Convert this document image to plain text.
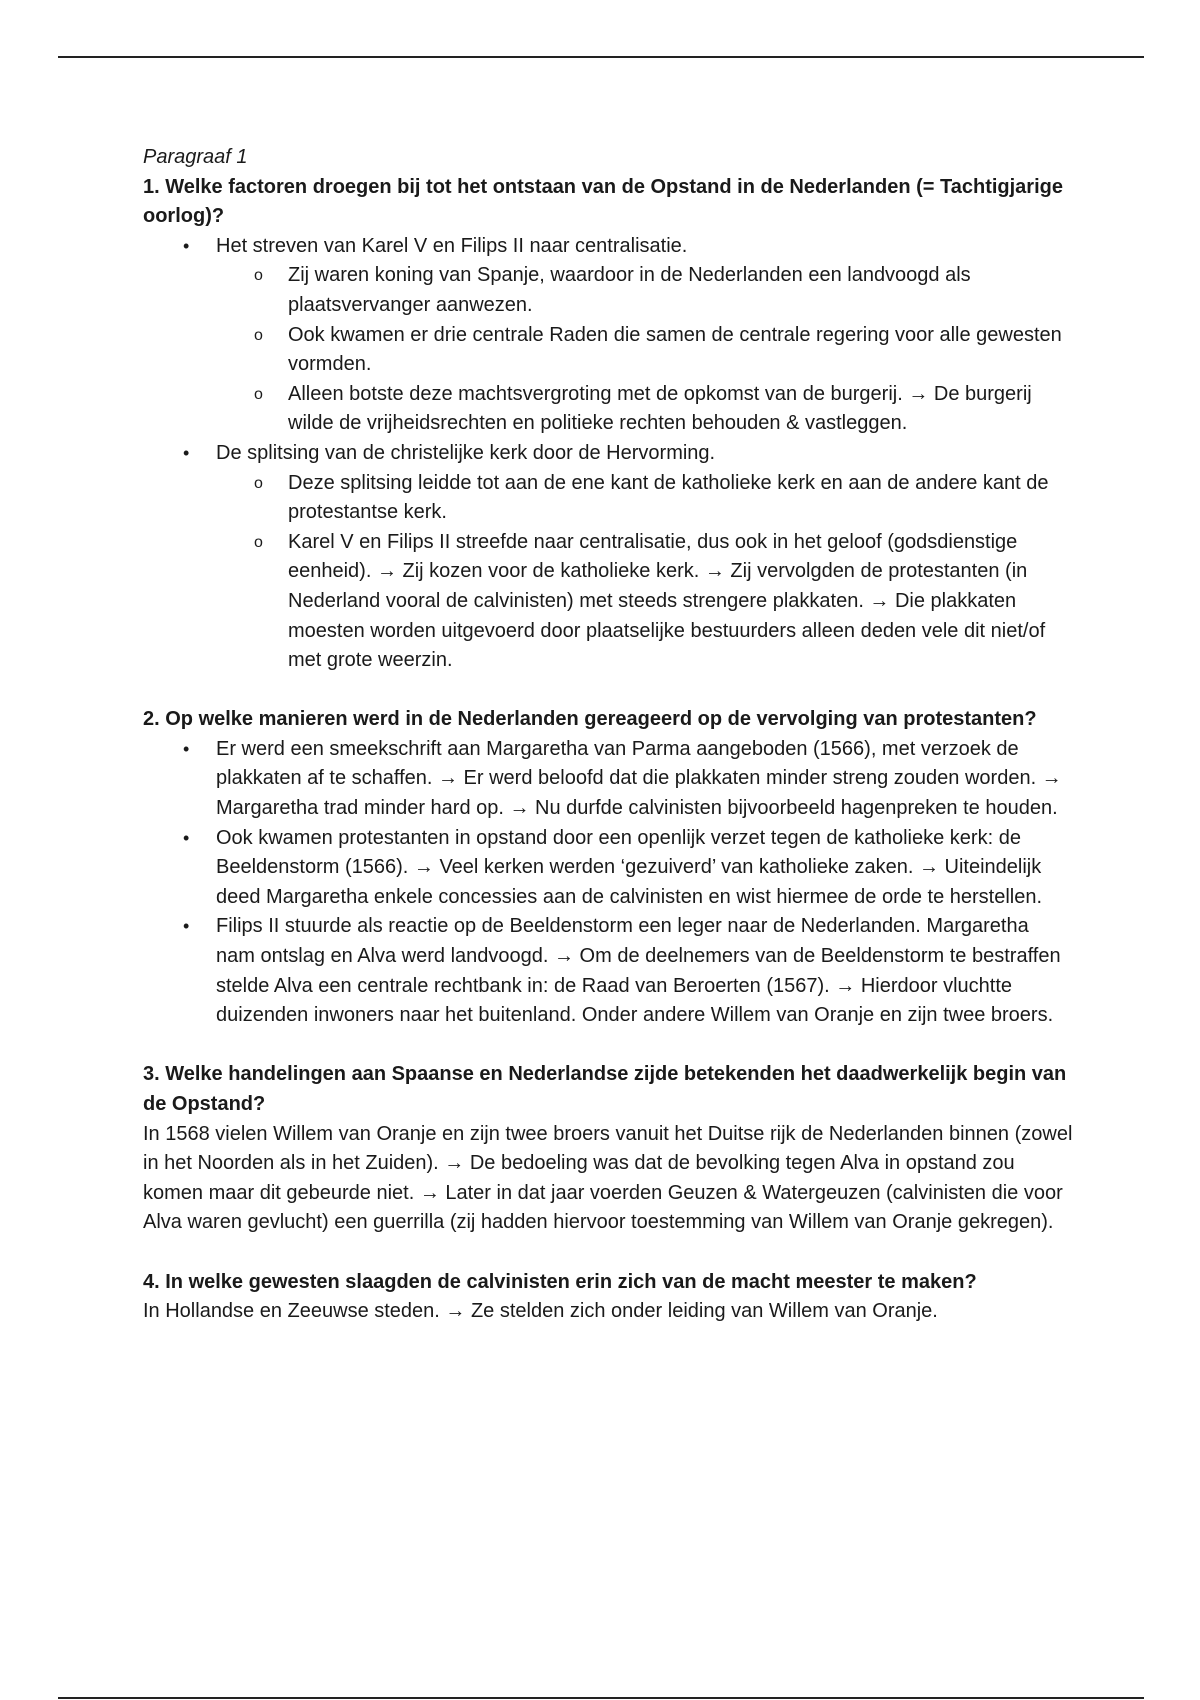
Paragraaf 1

1. Welke factoren droegen bij tot het ontstaan van de Opstand in de Nederlanden (= Tachtigjarige oorlog)?

• Het streven van Karel V en Filips II naar centralisatie.
o Zij waren koning van Spanje, waardoor in de Nederlanden een landvoogd als plaatsvervanger aanwezen.
o Ook kwamen er drie centrale Raden die samen de centrale regering voor alle gewesten vormden.
o Alleen botste deze machtsvergroting met de opkomst van de burgerij. → De burgerij wilde de vrijheidsrechten en politieke rechten behouden & vastleggen.
• De splitsing van de christelijke kerk door de Hervorming.
o Deze splitsing leidde tot aan de ene kant de katholieke kerk en aan de andere kant de protestantse kerk.
o Karel V en Filips II streefde naar centralisatie, dus ook in het geloof (godsdienstige eenheid). → Zij kozen voor de katholieke kerk. → Zij vervolgden de protestanten (in Nederland vooral de calvinisten) met steeds strengere plakkaten. → Die plakkaten moesten worden uitgevoerd door plaatselijke bestuurders alleen deden vele dit niet/of met grote weerzin.

2. Op welke manieren werd in de Nederlanden gereageerd op de vervolging van protestanten?

• Er werd een smeekschrift aan Margaretha van Parma aangeboden (1566), met verzoek de plakkaten af te schaffen. → Er werd beloofd dat die plakkaten minder streng zouden worden. → Margaretha trad minder hard op. → Nu durfde calvinisten bijvoorbeeld hagenpreken te houden.
• Ook kwamen protestanten in opstand door een openlijk verzet tegen de katholieke kerk: de Beeldenstorm (1566). → Veel kerken werden ‘gezuiverd’ van katholieke zaken. → Uiteindelijk deed Margaretha enkele concessies aan de calvinisten en wist hiermee de orde te herstellen.
• Filips II stuurde als reactie op de Beeldenstorm een leger naar de Nederlanden. Margaretha nam ontslag en Alva werd landvoogd. → Om de deelnemers van de Beeldenstorm te bestraffen stelde Alva een centrale rechtbank in: de Raad van Beroerten (1567). → Hierdoor vluchtte duizenden inwoners naar het buitenland. Onder andere Willem van Oranje en zijn twee broers.

3. Welke handelingen aan Spaanse en Nederlandse zijde betekenden het daadwerkelijk begin van de Opstand?

In 1568 vielen Willem van Oranje en zijn twee broers vanuit het Duitse rijk de Nederlanden binnen (zowel in het Noorden als in het Zuiden). → De bedoeling was dat de bevolking tegen Alva in opstand zou komen maar dit gebeurde niet. → Later in dat jaar voerden Geuzen & Watergeuzen (calvinisten die voor Alva waren gevlucht) een guerrilla (zij hadden hiervoor toestemming van Willem van Oranje gekregen).

4. In welke gewesten slaagden de calvinisten erin zich van de macht meester te maken?

In Hollandse en Zeeuwse steden. → Ze stelden zich onder leiding van Willem van Oranje.
